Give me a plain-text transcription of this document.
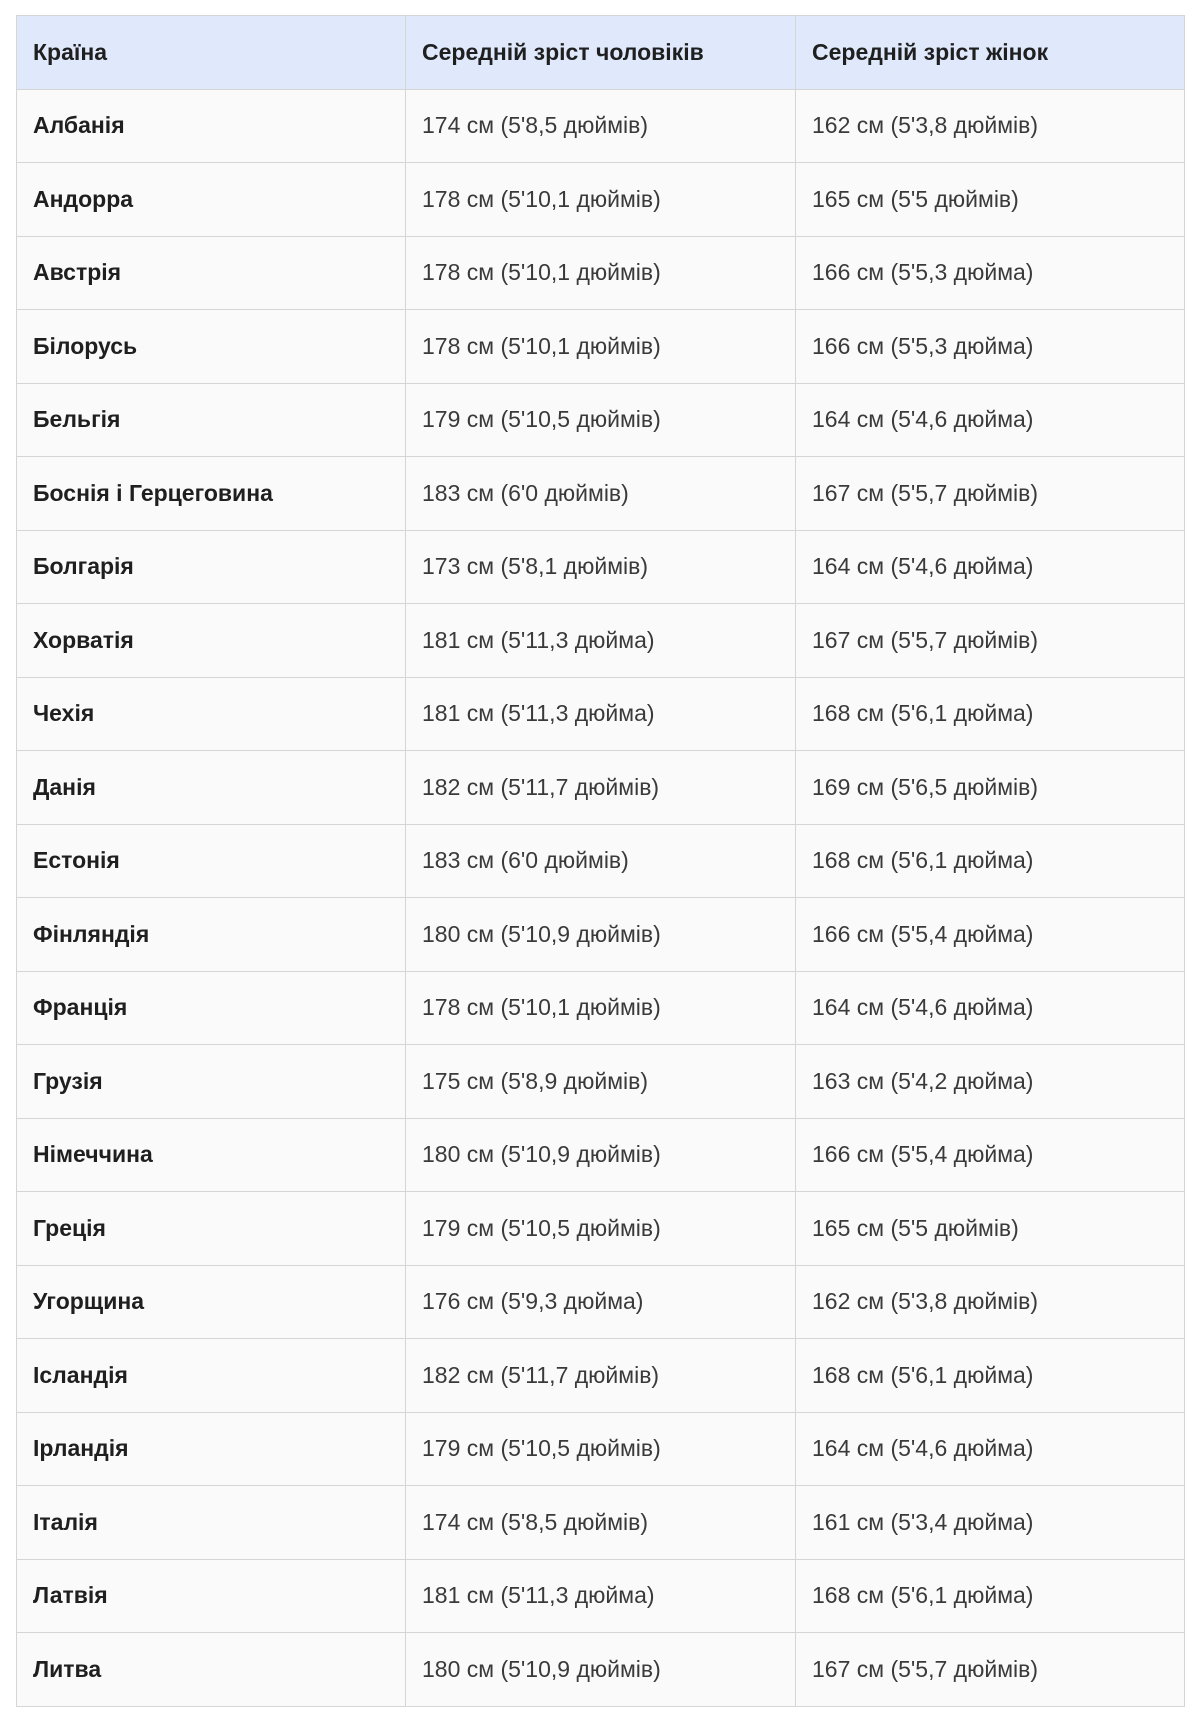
Країна	Середній зріст чоловіків	Середній зріст жінок
Албанія	174 см (5'8,5 дюймів)	162 см (5'3,8 дюймів)
Андорра	178 см (5'10,1 дюймів)	165 см (5'5 дюймів)
Австрія	178 см (5'10,1 дюймів)	166 см (5'5,3 дюйма)
Білорусь	178 см (5'10,1 дюймів)	166 см (5'5,3 дюйма)
Бельгія	179 см (5'10,5 дюймів)	164 см (5'4,6 дюйма)
Боснія і Герцеговина	183 см (6'0 дюймів)	167 см (5'5,7 дюймів)
Болгарія	173 см (5'8,1 дюймів)	164 см (5'4,6 дюйма)
Хорватія	181 см (5'11,3 дюйма)	167 см (5'5,7 дюймів)
Чехія	181 см (5'11,3 дюйма)	168 см (5'6,1 дюйма)
Данія	182 см (5'11,7 дюймів)	169 см (5'6,5 дюймів)
Естонія	183 см (6'0 дюймів)	168 см (5'6,1 дюйма)
Фінляндія	180 см (5'10,9 дюймів)	166 см (5'5,4 дюйма)
Франція	178 см (5'10,1 дюймів)	164 см (5'4,6 дюйма)
Грузія	175 см (5'8,9 дюймів)	163 см (5'4,2 дюйма)
Німеччина	180 см (5'10,9 дюймів)	166 см (5'5,4 дюйма)
Греція	179 см (5'10,5 дюймів)	165 см (5'5 дюймів)
Угорщина	176 см (5'9,3 дюйма)	162 см (5'3,8 дюймів)
Ісландія	182 см (5'11,7 дюймів)	168 см (5'6,1 дюйма)
Ірландія	179 см (5'10,5 дюймів)	164 см (5'4,6 дюйма)
Італія	174 см (5'8,5 дюймів)	161 см (5'3,4 дюйма)
Латвія	181 см (5'11,3 дюйма)	168 см (5'6,1 дюйма)
Литва	180 см (5'10,9 дюймів)	167 см (5'5,7 дюймів)
